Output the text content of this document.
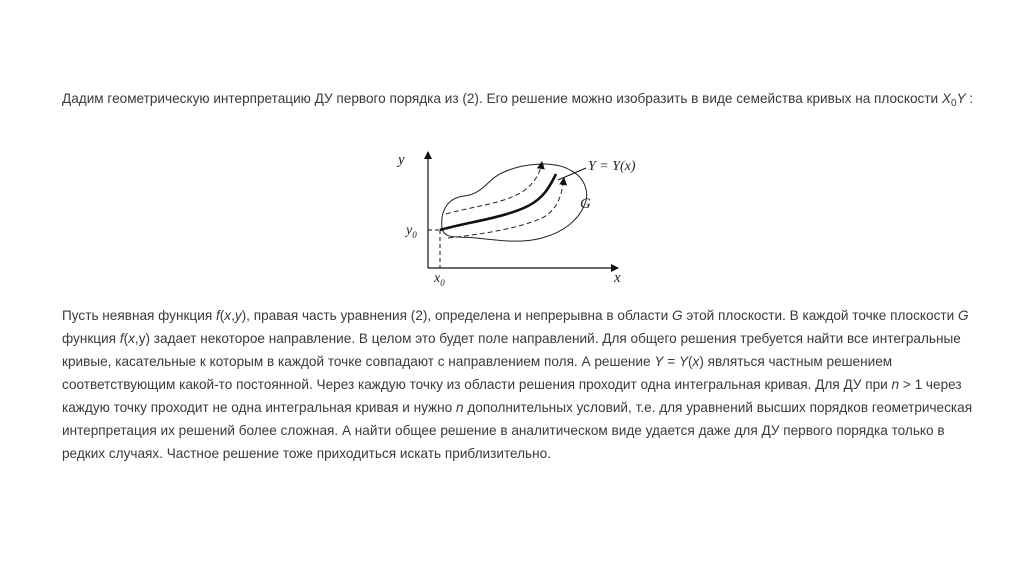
Дадим геометрическую интерпретацию ДУ первого порядка из (2). Его решение можно изобразить в виде семейства кривых на плоскости $X_0Y$ :

y
x
$y_0$
$x_0$
Y = Y(x)
G

Пусть неявная функция f(x,y), правая часть уравнения (2), определена и непрерывна в области G этой плоскости. В каждой точке плоскости G функция f(x,y) задает некоторое направление. В целом это будет поле направлений. Для общего решения требуется найти все интегральные кривые, касательные к которым в каждой точке совпадают с направлением поля. А решение Y = Y(x) являться частным решением соответствующим какой-то постоянной. Через каждую точку из области решения проходит одна интегральная кривая. Для ДУ при n > 1 через каждую точку проходит не одна интегральная кривая и нужно n дополнительных условий, т.е. для уравнений высших порядков геометрическая интерпретация их решений более сложная. А найти общее решение в аналитическом виде удается даже для ДУ первого порядка только в редких случаях. Частное решение тоже приходиться искать приблизительно.
